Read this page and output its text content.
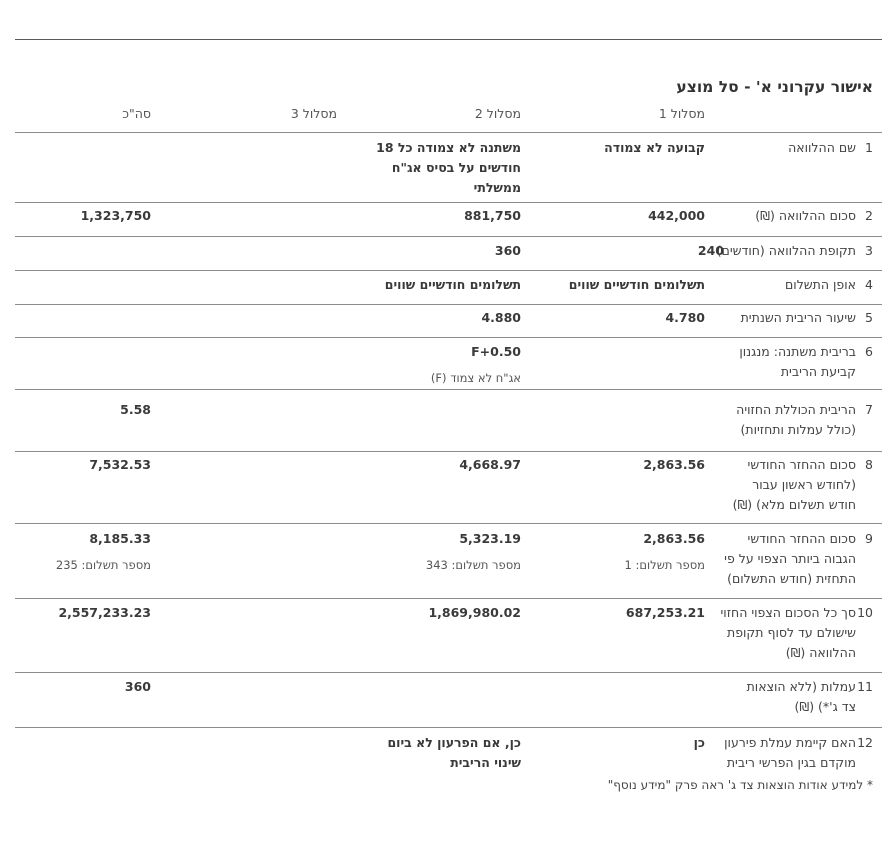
אישור עקרוני א' - סל מוצע
מסלול 1
מסלול 2
מסלול 3
סה"כ
1
שם ההלוואה
קבועה לא צמודה
משתנה לא צמודה כל 18 חודשים על בסיס אג"ח ממשלתי
2
סכום ההלוואה (₪)
442,000
881,750
1,323,750
3
תקופת ההלוואה (חודשים)
240
360
4
אופן התשלום
תשלומים חודשיים שווים
תשלומים חודשיים שווים
5
שיעור הריבית השנתית
4.780
4.880
6
בריבית משתנה: מנגנון קביעת הריבית
F+0.50
אג"ח לא צמוד (F)
7
הריבית הכוללת החזויה (כולל עמלות ותחזיות)
5.58
8
סכום ההחזר החודשי (לחודש ראשון עבור חודש תשלום מלא) (₪)
2,863.56
4,668.97
7,532.53
9
סכום ההחזר החודשי הגבוה ביותר הצפוי על פי התחזית (חודש התשלום)
2,863.56
מספר תשלום: 1
5,323.19
מספר תשלום: 343
8,185.33
מספר תשלום: 235
10
סך כל הסכום הצפוי החזוי שישולם עד לסוף תקופת ההלוואה (₪)
687,253.21
1,869,980.02
2,557,233.23
11
עמלות (ללא הוצאות צד ג'*) (₪)
360
12
האם קיימת עמלת פירעון מוקדם בגין הפרשי ריבית
כן
כן, אם הפרעון לא ביום שינוי הריבית
* למידע אודות הוצאות צד ג' ראה פרק "מידע נוסף"
